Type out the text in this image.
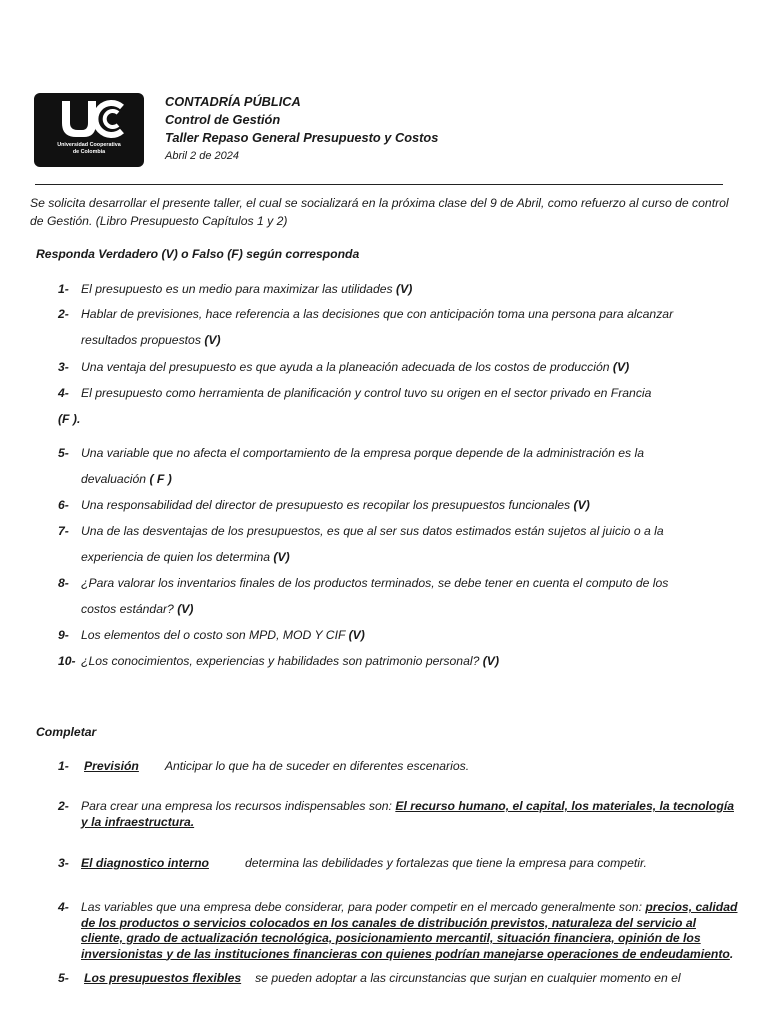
Universidad Cooperativa
de Colombia
CONTADRÍA PÚBLICA
Control de Gestión
Taller Repaso General Presupuesto y Costos
Abril 2 de 2024
Se solicita desarrollar el presente taller, el cual se socializará en la próxima clase del 9 de Abril, como refuerzo al curso de control de Gestión. (Libro Presupuesto Capítulos 1 y 2)
Responda Verdadero (V) o Falso (F) según corresponda
1- El presupuesto es un medio para maximizar las utilidades (V)
2- Hablar de previsiones, hace referencia a las decisiones que con anticipación toma una persona para alcanzar resultados propuestos (V)
3- Una ventaja del presupuesto es que ayuda a la planeación adecuada de los costos de producción (V)
4- El presupuesto como herramienta de planificación y control tuvo su origen en el sector privado en Francia
(F ).
5- Una variable que no afecta el comportamiento de la empresa porque depende de la administración es la devaluación ( F )
6- Una responsabilidad del director de presupuesto es recopilar los presupuestos funcionales (V)
7- Una de las desventajas de los presupuestos, es que al ser sus datos estimados están sujetos al juicio o a la experiencia de quien los determina (V)
8- ¿Para valorar los inventarios finales de los productos terminados, se debe tener en cuenta el computo de los costos estándar? (V)
9- Los elementos del o costo son MPD, MOD Y CIF (V)
10- ¿Los conocimientos, experiencias y habilidades son patrimonio personal? (V)
Completar
1- Previsión Anticipar lo que ha de suceder en diferentes escenarios.
2- Para crear una empresa los recursos indispensables son: El recurso humano, el capital, los materiales, la tecnología y la infraestructura.
3- El diagnostico interno	determina las debilidades y fortalezas que tiene la empresa para competir.
4- Las variables que una empresa debe considerar, para poder competir en el mercado generalmente son: precios, calidad de los productos o servicios colocados en los canales de distribución previstos, naturaleza del servicio al cliente, grado de actualización tecnológica, posicionamiento mercantil, situación financiera, opinión de los inversionistas y de las instituciones financieras con quienes podrían manejarse operaciones de endeudamiento.
5- Los presupuestos flexibles se pueden adoptar a las circunstancias que surjan en cualquier momento en el
